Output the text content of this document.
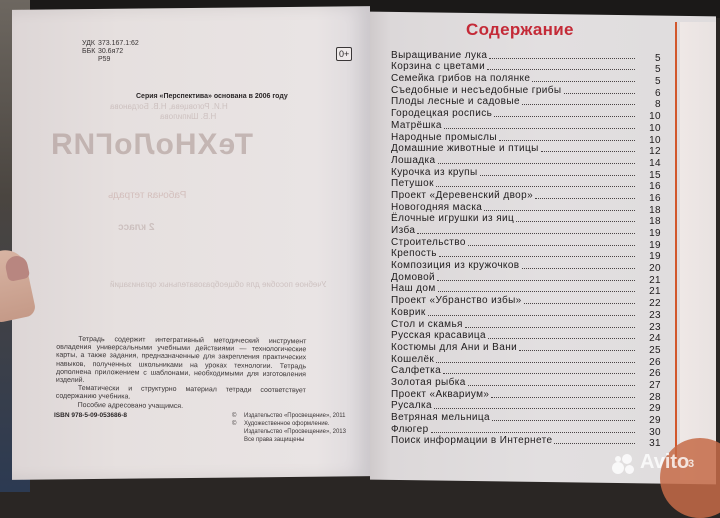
УДК 373.167.1:62
ББК 30.6я72
Р59
0+
Серия «Перспектива» основана в 2006 году
Н.И. Роговцева, Н.В. Богданова
Н.В. Шипилова
ТеХНоЛоГИЯ
Рабочая тетрадь
2 класс
Учебное пособие для общеобразовательных организаций

Тетрадь содержит интегративный методический инструмент овладения универсальными учебными действиями — технологические карты, а также задания, предназначенные для закрепления практических навыков, полученных школьниками на уроках технологии. Тетрадь дополнена приложением с шаблонами, необходимыми для изготовления изделий.

Тематически и структурно материал тетради соответствует содержанию учебника.

Пособие адресовано учащимся.

ISBN 978-5-09-053686-8	© Издательство «Просвещение», 2011
© Художественное оформление.
Издательство «Просвещение», 2013
Все права защищены
3
Содержание
Выращивание лука	5
Корзина с цветами	5
Семейка грибов на полянке	5
Съедобные и несъедобные грибы	6
Плоды лесные и садовые	8
Городецкая роспись	10
Матрёшка	10
Народные промыслы	10
Домашние животные и птицы	12
Лошадка	14
Курочка из крупы	15
Петушок	16
Проект «Деревенский двор»	16
Новогодняя маска	18
Ёлочные игрушки из яиц	18
Изба	19
Строительство	19
Крепость	19
Композиция из кружочков	20
Домовой	21
Наш дом	21
Проект «Убранство избы»	22
Коврик	23
Стол и скамья	23
Русская красавица	24
Костюмы для Ани и Вани	25
Кошелёк	26
Салфетка	26
Золотая рыбка	27
Проект «Аквариум»	28
Русалка	29
Ветряная мельница	29
Флюгер	30
Поиск информации в Интернете	31
Avito
